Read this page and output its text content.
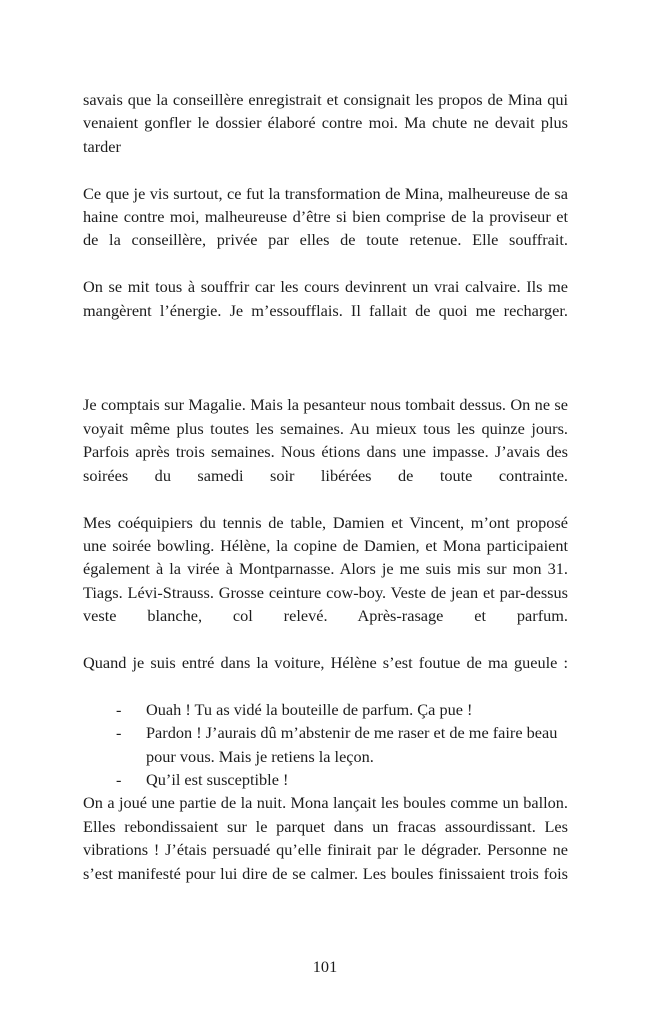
savais que la conseillère enregistrait et consignait les propos de Mina qui venaient gonfler le dossier élaboré contre moi. Ma chute ne devait plus tarder

Ce que je vis surtout, ce fut la transformation de Mina, malheureuse de sa haine contre moi, malheureuse d’être si bien comprise de la proviseur et de la conseillère, privée par elles de toute retenue. Elle souffrait.

On se mit tous à souffrir car les cours devinrent un vrai calvaire. Ils me mangèrent l’énergie. Je m’essoufflais. Il fallait de quoi me recharger.

Je comptais sur Magalie. Mais la pesanteur nous tombait dessus. On ne se voyait même plus toutes les semaines. Au mieux tous les quinze jours. Parfois après trois semaines. Nous étions dans une impasse. J’avais des soirées du samedi soir libérées de toute contrainte.

Mes coéquipiers du tennis de table, Damien et Vincent, m’ont proposé une soirée bowling. Hélène, la copine de Damien, et Mona participaient également à la virée à Montparnasse. Alors je me suis mis sur mon 31. Tiags. Lévi-Strauss. Grosse ceinture cow-boy. Veste de jean et par-dessus veste blanche, col relevé. Après-rasage et parfum.

Quand je suis entré dans la voiture, Hélène s’est foutue de ma gueule :

- Ouah ! Tu as vidé la bouteille de parfum. Ça pue !
- Pardon ! J’aurais dû m’abstenir de me raser et de me faire beau pour vous. Mais je retiens la leçon.
- Qu’il est susceptible !

On a joué une partie de la nuit. Mona lançait les boules comme un ballon. Elles rebondissaient sur le parquet dans un fracas assourdissant. Les vibrations ! J’étais persuadé qu’elle finirait par le dégrader. Personne ne s’est manifesté pour lui dire de se calmer. Les boules finissaient trois fois

101
